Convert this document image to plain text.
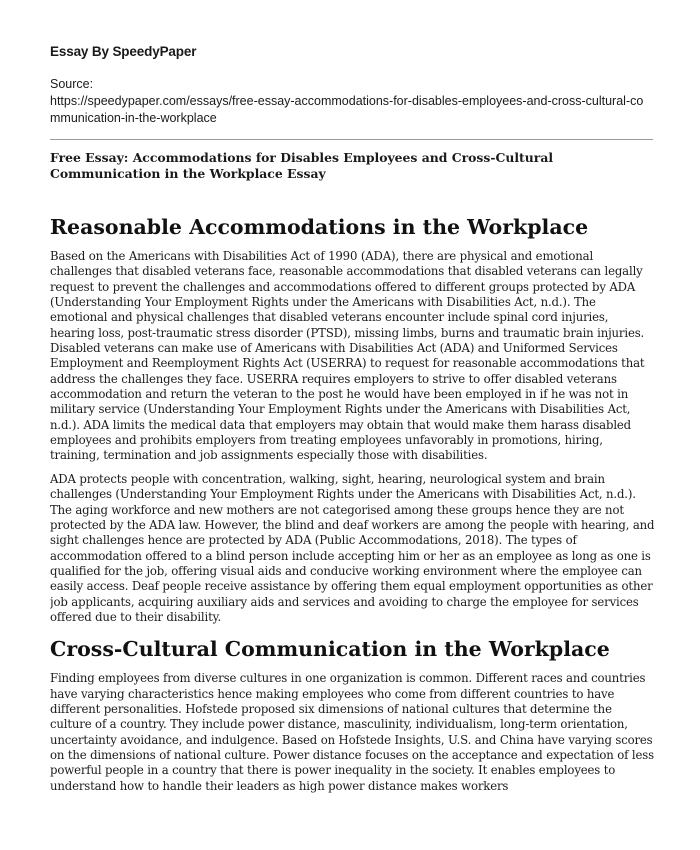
Essay By SpeedyPaper

Source:
https://speedypaper.com/essays/free-essay-accommodations-for-disables-employees-and-cross-cultural-communication-in-the-workplace
Free Essay: Accommodations for Disables Employees and Cross-Cultural Communication in the Workplace Essay
Reasonable Accommodations in the Workplace

Based on the Americans with Disabilities Act of 1990 (ADA), there are physical and emotional challenges that disabled veterans face, reasonable accommodations that disabled veterans can legally request to prevent the challenges and accommodations offered to different groups protected by ADA (Understanding Your Employment Rights under the Americans with Disabilities Act, n.d.). The emotional and physical challenges that disabled veterans encounter include spinal cord injuries, hearing loss, post-traumatic stress disorder (PTSD), missing limbs, burns and traumatic brain injuries. Disabled veterans can make use of Americans with Disabilities Act (ADA) and Uniformed Services Employment and Reemployment Rights Act (USERRA) to request for reasonable accommodations that address the challenges they face. USERRA requires employers to strive to offer disabled veterans accommodation and return the veteran to the post he would have been employed in if he was not in military service (Understanding Your Employment Rights under the Americans with Disabilities Act, n.d.). ADA limits the medical data that employers may obtain that would make them harass disabled employees and prohibits employers from treating employees unfavorably in promotions, hiring, training, termination and job assignments especially those with disabilities.

ADA protects people with concentration, walking, sight, hearing, neurological system and brain challenges (Understanding Your Employment Rights under the Americans with Disabilities Act, n.d.). The aging workforce and new mothers are not categorised among these groups hence they are not protected by the ADA law. However, the blind and deaf workers are among the people with hearing, and sight challenges hence are protected by ADA (Public Accommodations, 2018). The types of accommodation offered to a blind person include accepting him or her as an employee as long as one is qualified for the job, offering visual aids and conducive working environment where the employee can easily access. Deaf people receive assistance by offering them equal employment opportunities as other job applicants, acquiring auxiliary aids and services and avoiding to charge the employee for services offered due to their disability.

Cross-Cultural Communication in the Workplace

Finding employees from diverse cultures in one organization is common. Different races and countries have varying characteristics hence making employees who come from different countries to have different personalities. Hofstede proposed six dimensions of national cultures that determine the culture of a country. They include power distance, masculinity, individualism, long-term orientation, uncertainty avoidance, and indulgence. Based on Hofstede Insights, U.S. and China have varying scores on the dimensions of national culture. Power distance focuses on the acceptance and expectation of less powerful people in a country that there is power inequality in the society. It enables employees to understand how to handle their leaders as high power distance makes workers
